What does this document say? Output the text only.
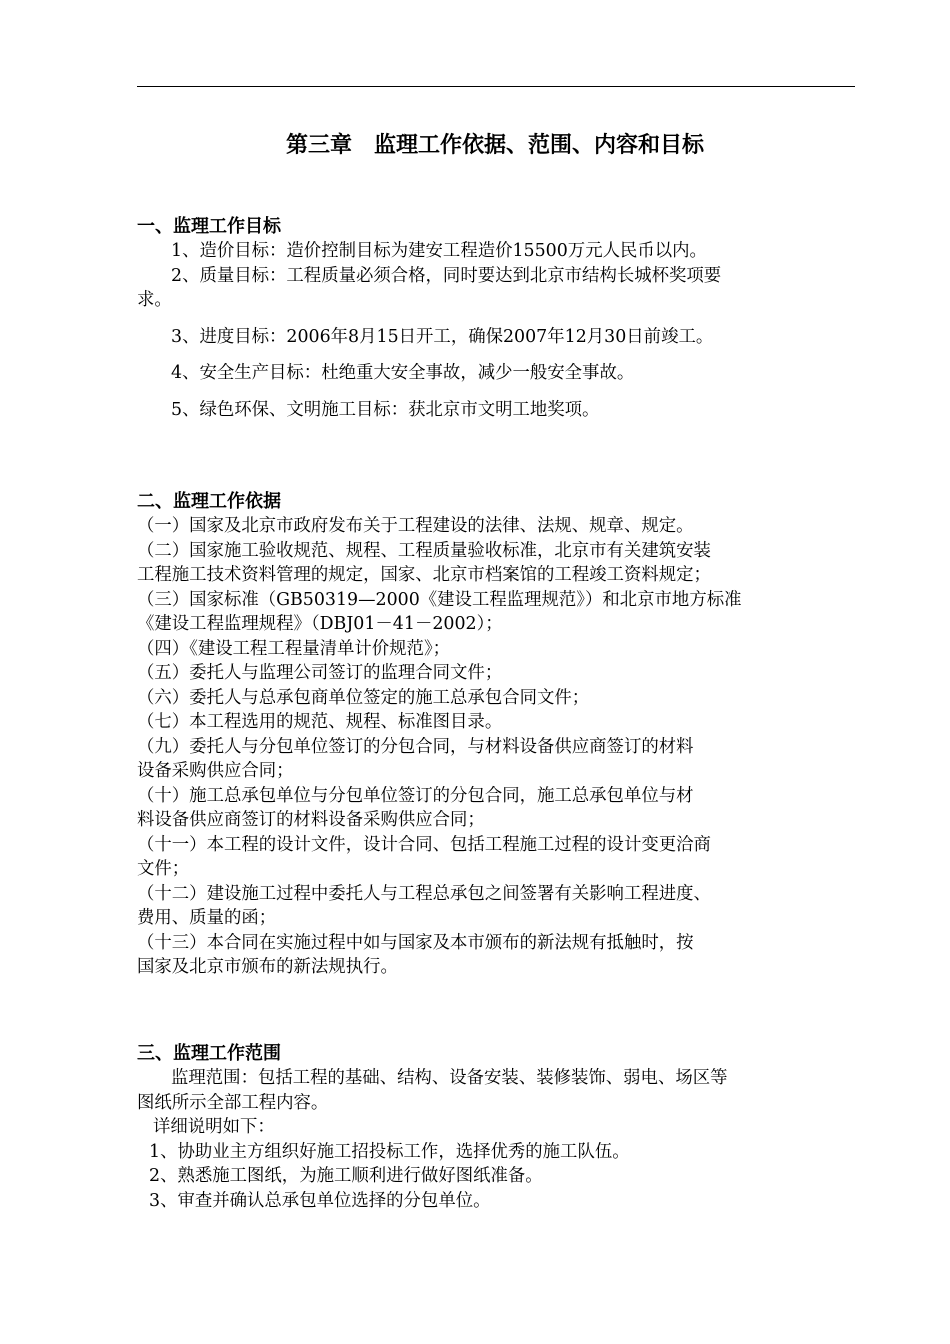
第三章　监理工作依据、范围、内容和目标

一、监理工作目标

1、造价目标：造价控制目标为建安工程造价15500万元人民币以内。

2、质量目标：工程质量必须合格，同时要达到北京市结构长城杯奖项要

求。

3、进度目标：2006年8月15日开工，确保2007年12月30日前竣工。

4、安全生产目标：杜绝重大安全事故，减少一般安全事故。

5、绿色环保、文明施工目标：获北京市文明工地奖项。

二、监理工作依据

（一）国家及北京市政府发布关于工程建设的法律、法规、规章、规定。

（二）国家施工验收规范、规程、工程质量验收标准，北京市有关建筑安装

工程施工技术资料管理的规定，国家、北京市档案馆的工程竣工资料规定；

（三）国家标准（GB50319—2000《建设工程监理规范》）和北京市地方标准

《建设工程监理规程》（DBJ01－41－2002）；

（四）《建设工程工程量清单计价规范》；

（五）委托人与监理公司签订的监理合同文件；

（六）委托人与总承包商单位签定的施工总承包合同文件；

（七）本工程选用的规范、规程、标准图目录。

（九）委托人与分包单位签订的分包合同，与材料设备供应商签订的材料

设备采购供应合同；

（十）施工总承包单位与分包单位签订的分包合同，施工总承包单位与材

料设备供应商签订的材料设备采购供应合同；

（十一）本工程的设计文件，设计合同、包括工程施工过程的设计变更洽商

文件；

（十二）建设施工过程中委托人与工程总承包之间签署有关影响工程进度、

费用、质量的函；

（十三）本合同在实施过程中如与国家及本市颁布的新法规有抵触时，按

国家及北京市颁布的新法规执行。

三、监理工作范围

监理范围：包括工程的基础、结构、设备安装、装修装饰、弱电、场区等

图纸所示全部工程内容。

详细说明如下：

1、协助业主方组织好施工招投标工作，选择优秀的施工队伍。

2、熟悉施工图纸，为施工顺利进行做好图纸准备。

3、审查并确认总承包单位选择的分包单位。
